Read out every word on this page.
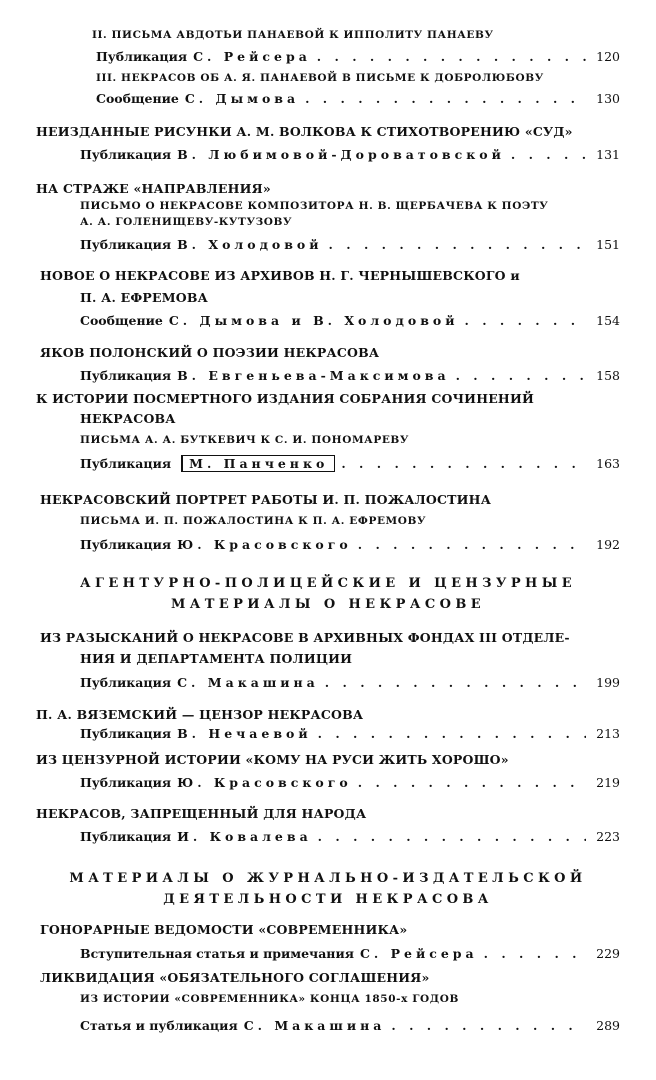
II. ПИСЬМА АВДОТЬИ ПАНАЕВОЙ К ИППОЛИТУ ПАНАЕВУ
Публикация С. Рейсера . . .	120
III. НЕКРАСОВ ОБ А. Я. ПАНАЕВОЙ В ПИСЬМЕ К ДОБРОЛЮБОВУ
Сообщение С. Дымова . . .	130
НЕИЗДАННЫЕ РИСУНКИ А. М. ВОЛКОВА К СТИХОТВОРЕНИЮ «СУД»
Публикация В. Любимовой-Дороватовской . . .	131
НА СТРАЖЕ «НАПРАВЛЕНИЯ»
ПИСЬМО О НЕКРАСОВЕ КОМПОЗИТОРА Н. В. ЩЕРБАЧЕВА К ПОЭТУ
А. А. ГОЛЕНИЩЕВУ-КУТУЗОВУ
Публикация В. Холодовой . . .	151
НОВОЕ О НЕКРАСОВЕ ИЗ АРХИВОВ Н. Г. ЧЕРНЫШЕВСКОГО и
П. А. ЕФРЕМОВА
Сообщение С. Дымова и В. Холодовой . . .	154
ЯКОВ ПОЛОНСКИЙ О ПОЭЗИИ НЕКРАСОВА
Публикация В. Евгеньева-Максимова . . .	158
К ИСТОРИИ ПОСМЕРТНОГО ИЗДАНИЯ СОБРАНИЯ СОЧИНЕНИЙ
НЕКРАСОВА
ПИСЬМА А. А. БУТКЕВИЧ К С. И. ПОНОМАРЕВУ
Публикация М. Панченко . . .	163
НЕКРАСОВСКИЙ ПОРТРЕТ РАБОТЫ И. П. ПОЖАЛОСТИНА
ПИСЬМА И. П. ПОЖАЛОСТИНА К П. А. ЕФРЕМОВУ
Публикация Ю. Красовского . . .	192
АГЕНТУРНО-ПОЛИЦЕЙСКИЕ И ЦЕНЗУРНЫЕ
МАТЕРИАЛЫ О НЕКРАСОВЕ
ИЗ РАЗЫСКАНИЙ О НЕКРАСОВЕ В АРХИВНЫХ ФОНДАХ III ОТДЕЛЕ-
НИЯ И ДЕПАРТАМЕНТА ПОЛИЦИИ
Публикация С. Макашина . . .	199
П. А. ВЯЗЕМСКИЙ — ЦЕНЗОР НЕКРАСОВА
Публикация В. Нечаевой . . .	213
ИЗ ЦЕНЗУРНОЙ ИСТОРИИ «КОМУ НА РУСИ ЖИТЬ ХОРОШО»
Публикация Ю. Красовского . . .	219
НЕКРАСОВ, ЗАПРЕЩЕННЫЙ ДЛЯ НАРОДА
Публикация И. Ковалева . . .	223
МАТЕРИАЛЫ О ЖУРНАЛЬНО-ИЗДАТЕЛЬСКОЙ
ДЕЯТЕЛЬНОСТИ НЕКРАСОВА
ГОНОРАРНЫЕ ВЕДОМОСТИ «СОВРЕМЕННИКА»
Вступительная статья и примечания С. Рейсера . . .	229
ЛИКВИДАЦИЯ «ОБЯЗАТЕЛЬНОГО СОГЛАШЕНИЯ»
ИЗ ИСТОРИИ «СОВРЕМЕННИКА» КОНЦА 1850-х ГОДОВ
Статья и публикация С. Макашина . . .	289
